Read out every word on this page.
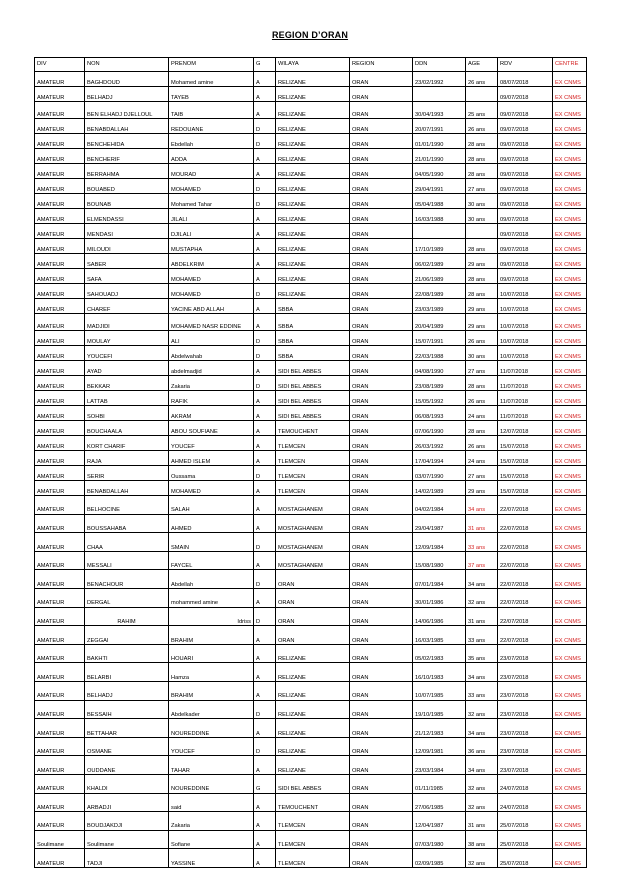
REGION D’ORAN
DIV	NON	PRENOM	G	WILAYA	REGION	DDN	AGE	RDV	CENTRE
AMATEUR	BAGHDOUD	Mohamed amine	A	RELIZANE	ORAN	23/02/1992	26 ans	08/07/2018	EX CNMS
AMATEUR	BELHADJ	TAYEB	A	RELIZANE	ORAN			09/07/2018	EX CNMS
AMATEUR	BEN ELHADJ DJELLOUL	TAIB	A	RELIZANE	ORAN	30/04/1993	25 ans	09/07/2018	EX CNMS
AMATEUR	BENABDALLAH	REDOUANE	D	RELIZANE	ORAN	20/07/1991	26 ans	09/07/2018	EX CNMS
AMATEUR	BENCHEHIDA	Ebdellah	D	RELIZANE	ORAN	01/01/1990	28 ans	09/07/2018	EX CNMS
AMATEUR	BENCHERIF	ADDA	A	RELIZANE	ORAN	21/01/1990	28 ans	09/07/2018	EX CNMS
AMATEUR	BERRAHMA	MOURAD	A	RELIZANE	ORAN	04/05/1990	28 ans	09/07/2018	EX CNMS
AMATEUR	BOUABED	MOHAMED	D	RELIZANE	ORAN	29/04/1991	27 ans	09/07/2018	EX CNMS
AMATEUR	BOUNAB	Mohamed Tahar	D	RELIZANE	ORAN	05/04/1988	30 ans	09/07/2018	EX CNMS
AMATEUR	ELMENDASSI	JILALI	A	RELIZANE	ORAN	16/03/1988	30 ans	09/07/2018	EX CNMS
AMATEUR	MENDASI	DJILALI	A	RELIZANE	ORAN			09/07/2018	EX CNMS
AMATEUR	MILOUDI	MUSTAPHA	A	RELIZANE	ORAN	17/10/1989	28 ans	09/07/2018	EX CNMS
AMATEUR	SABER	ABDELKRIM	A	RELIZANE	ORAN	06/02/1989	29 ans	09/07/2018	EX CNMS
AMATEUR	SAFA	MOHAMED	A	RELIZANE	ORAN	21/06/1989	28 ans	09/07/2018	EX CNMS
AMATEUR	SAHOUADJ	MOHAMED	D	RELIZANE	ORAN	22/08/1989	28 ans	10/07/2018	EX CNMS
AMATEUR	CHAREF	YACINE ABD ALLAH	A	SBBA	ORAN	23/03/1989	29 ans	10/07/2018	EX CNMS
AMATEUR	MADJIDI	MOHAMED NASR EDDINE	A	SBBA	ORAN	20/04/1989	29 ans	10/07/2018	EX CNMS
AMATEUR	MOULAY	ALI	D	SBBA	ORAN	15/07/1991	26 ans	10/07/2018	EX CNMS
AMATEUR	YOUCEFI	Abdelwahab	D	SBBA	ORAN	22/03/1988	30 ans	10/07/2018	EX CNMS
AMATEUR	AYAD	abdelmadjid	A	SIDI BEL ABBES	ORAN	04/08/1990	27 ans	11/07/2018	EX CNMS
AMATEUR	BEKKAR	Zakaria	D	SIDI BEL ABBES	ORAN	23/08/1989	28 ans	11/07/2018	EX CNMS
AMATEUR	LATTAB	RAFIK	A	SIDI BEL ABBES	ORAN	15/05/1992	26 ans	11/07/2018	EX CNMS
AMATEUR	SOHBI	AKRAM	A	SIDI BEL ABBES	ORAN	06/08/1993	24 ans	11/07/2018	EX CNMS
AMATEUR	BOUCHAALA	ABOU SOUFIANE	A	TEMOUCHENT	ORAN	07/06/1990	28 ans	12/07/2018	EX CNMS
AMATEUR	KORT CHARIF	YOUCEF	A	TLEMCEN	ORAN	26/03/1992	26 ans	15/07/2018	EX CNMS
AMATEUR	RAJA	AHMED ISLEM	A	TLEMCEN	ORAN	17/04/1994	24 ans	15/07/2018	EX CNMS
AMATEUR	SERIR	Oussama	D	TLEMCEN	ORAN	03/07/1990	27 ans	15/07/2018	EX CNMS
AMATEUR	BENABDALLAH	MOHAMED	A	TLEMCEN	ORAN	14/02/1989	29 ans	15/07/2018	EX CNMS
AMATEUR	BELHOCINE	SALAH	A	MOSTAGHANEM	ORAN	04/02/1984	34 ans	22/07/2018	EX CNMS
AMATEUR	BOUSSAHABA	AHMED	A	MOSTAGHANEM	ORAN	29/04/1987	31 ans	22/07/2018	EX CNMS
AMATEUR	CHAA	SMAIN	D	MOSTAGHANEM	ORAN	12/09/1984	33 ans	22/07/2018	EX CNMS
AMATEUR	MESSALI	FAYCEL	A	MOSTAGHANEM	ORAN	15/08/1980	37 ans	22/07/2018	EX CNMS
AMATEUR	BENACHOUR	Abdellah	D	ORAN	ORAN	07/01/1984	34 ans	22/07/2018	EX CNMS
AMATEUR	DERGAL	mohammed amine	A	ORAN	ORAN	30/01/1986	32 ans	22/07/2018	EX CNMS
AMATEUR	RAHIM	Idriss	D	ORAN	ORAN	14/06/1986	31 ans	22/07/2018	EX CNMS
AMATEUR	ZEGGAI	BRAHIM	A	ORAN	ORAN	16/03/1985	33 ans	22/07/2018	EX CNMS
AMATEUR	BAKHTI	HOUARI	A	RELIZANE	ORAN	05/02/1983	35 ans	23/07/2018	EX CNMS
AMATEUR	BELARBI	Hamza	A	RELIZANE	ORAN	16/10/1983	34 ans	23/07/2018	EX CNMS
AMATEUR	BELHADJ	BRAHIM	A	RELIZANE	ORAN	10/07/1985	33 ans	23/07/2018	EX CNMS
AMATEUR	BESSAIH	Abdelkader	D	RELIZANE	ORAN	19/10/1985	32 ans	23/07/2018	EX CNMS
AMATEUR	BETTAHAR	NOUREDDINE	A	RELIZANE	ORAN	21/12/1983	34 ans	23/07/2018	EX CNMS
AMATEUR	OSMANE	YOUCEF	D	RELIZANE	ORAN	12/09/1981	36 ans	23/07/2018	EX CNMS
AMATEUR	OUDDANE	TAHAR	A	RELIZANE	ORAN	23/03/1984	34 ans	23/07/2018	EX CNMS
AMATEUR	KHALDI	NOUREDDINE	G	SIDI BEL ABBES	ORAN	01/11/1985	32 ans	24/07/2018	EX CNMS
AMATEUR	ARBADJI	said	A	TEMOUCHENT	ORAN	27/06/1985	32 ans	24/07/2018	EX CNMS
AMATEUR	BOUDJAKDJI	Zakaria	A	TLEMCEN	ORAN	12/04/1987	31 ans	25/07/2018	EX CNMS
Soulimane	Soulimane	Sofiane	A	TLEMCEN	ORAN	07/03/1980	38 ans	25/07/2018	EX CNMS
AMATEUR	TADJI	YASSINE	A	TLEMCEN	ORAN	02/09/1985	32 ans	25/07/2018	EX CNMS
